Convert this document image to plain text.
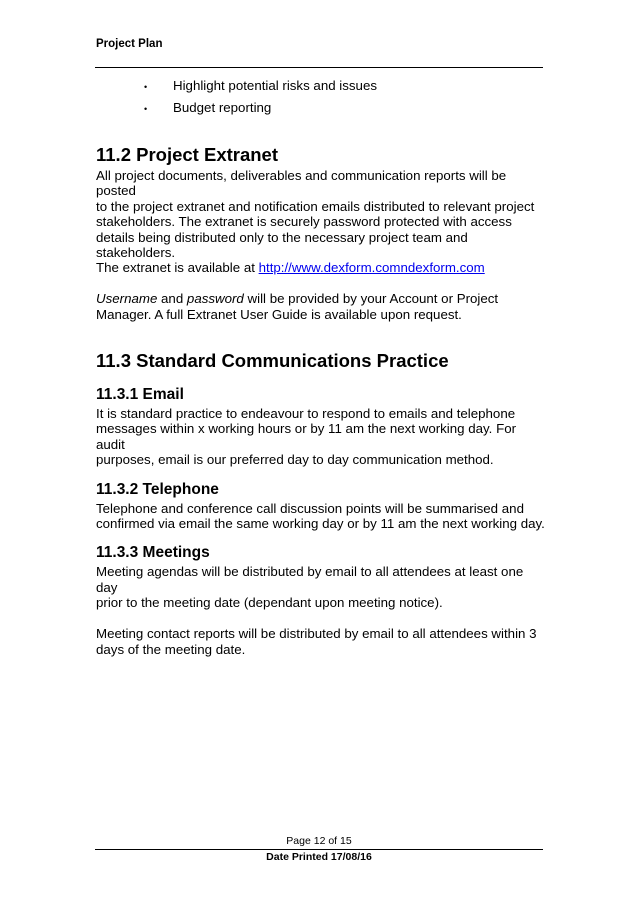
Project Plan
• Highlight potential risks and issues
• Budget reporting
11.2 Project Extranet

All project documents, deliverables and communication reports will be posted
to the project extranet and notification emails distributed to relevant project
stakeholders. The extranet is securely password protected with access
details being distributed only to the necessary project team and stakeholders.
The extranet is available at http://www.dexform.comndexform.com

Username and password will be provided by your Account or Project
Manager. A full Extranet User Guide is available upon request.

11.3 Standard Communications Practice
11.3.1 Email

It is standard practice to endeavour to respond to emails and telephone
messages within x working hours or by 11 am the next working day. For audit
purposes, email is our preferred day to day communication method.

11.3.2 Telephone

Telephone and conference call discussion points will be summarised and
confirmed via email the same working day or by 11 am the next working day.

11.3.3 Meetings

Meeting agendas will be distributed by email to all attendees at least one day
prior to the meeting date (dependant upon meeting notice).

Meeting contact reports will be distributed by email to all attendees within 3
days of the meeting date.

Page 12 of 15
Date Printed 17/08/16
